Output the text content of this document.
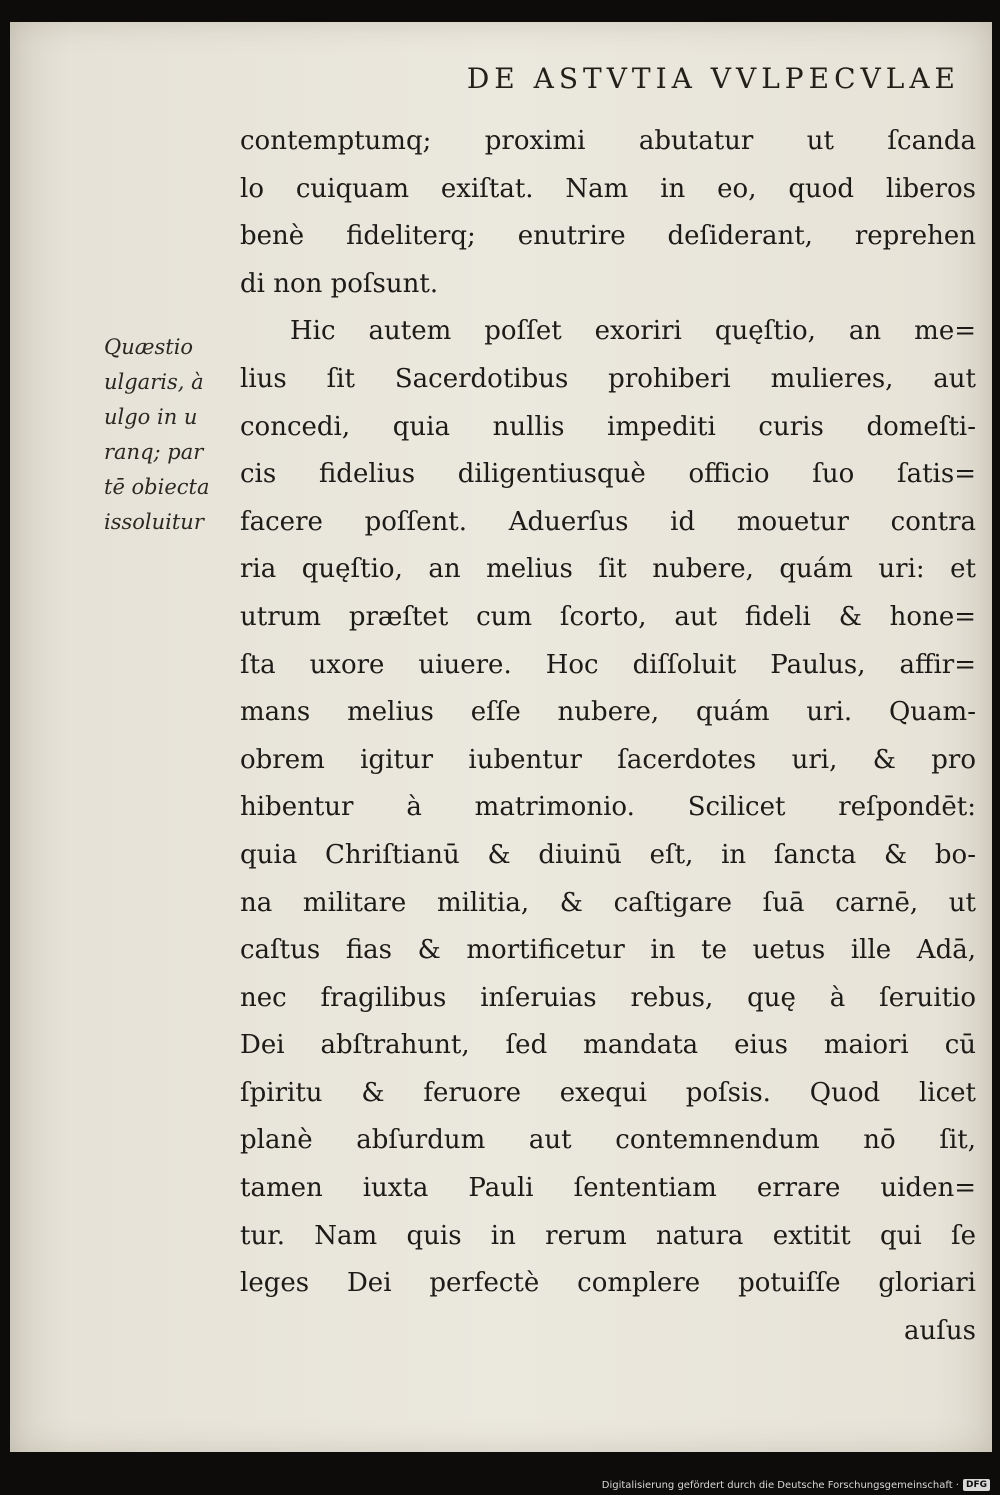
DE ASTVTIA VVLPECVLAE
Quæstio
ulgaris, à
ulgo in u
ranq; par
tē obiecta
issoluitur
contemptumq; proximi abutatur ut ſcanda
lo cuiquam exiſtat. Nam in eo, quod liberos
benè fideliterq; enutrire deſiderant, reprehen
di non poſsunt.
Hic autem poſſet exoriri quęſtio, an me=
lius ſit Sacerdotibus prohiberi mulieres, aut
concedi, quia nullis impediti curis domeſti-
cis fidelius diligentiusquè officio ſuo ſatis=
facere poſſent. Aduerſus id mouetur contra
ria quęſtio, an melius ſit nubere, quám uri: et
utrum præſtet cum ſcorto, aut fideli & hone=
ſta uxore uiuere. Hoc diſſoluit Paulus, affir=
mans melius eſſe nubere, quám uri. Quam-
obrem igitur iubentur ſacerdotes uri, & pro
hibentur à matrimonio. Scilicet reſpondēt:
quia Chriſtianū & diuinū eſt, in ſancta & bo-
na militare militia, & caſtigare ſuā carnē, ut
caſtus fias & mortificetur in te uetus ille Adā,
nec fragilibus inſeruias rebus, quę à ſeruitio
Dei abſtrahunt, ſed mandata eius maiori cū
ſpiritu & feruore exequi poſsis. Quod licet
planè abſurdum aut contemnendum nō ſit,
tamen iuxta Pauli ſententiam errare uiden=
tur. Nam quis in rerum natura extitit qui ſe
leges Dei perfectè complere potuiſſe gloriari
auſus
Digitalisierung gefördert durch die Deutsche Forschungsgemeinschaft · DFG
